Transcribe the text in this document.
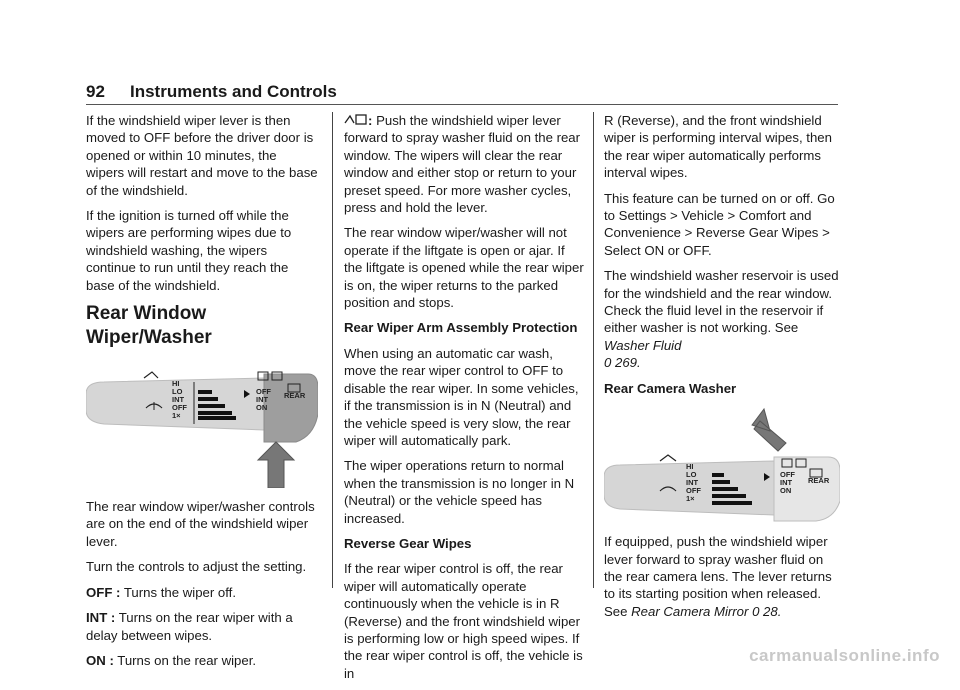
92 Instruments and Controls

If the windshield wiper lever is then moved to OFF before the driver door is opened or within 10 minutes, the wipers will restart and move to the base of the windshield.

If the ignition is turned off while the wipers are performing wipes due to windshield washing, the wipers continue to run until they reach the base of the windshield.

Rear Window Wiper/Washer
HI
LO
INT
OFF
1×
OFF
INT
ON
REAR

The rear window wiper/washer controls are on the end of the windshield wiper lever.

Turn the controls to adjust the setting.

OFF : Turns the wiper off.

INT : Turns on the rear wiper with a delay between wipes.

ON : Turns on the rear wiper.

: Push the windshield wiper lever forward to spray washer fluid on the rear window. The wipers will clear the rear window and either stop or return to your preset speed. For more washer cycles, press and hold the lever.

The rear window wiper/washer will not operate if the liftgate is open or ajar. If the liftgate is opened while the rear wiper is on, the wiper returns to the parked position and stops.

Rear Wiper Arm Assembly Protection

When using an automatic car wash, move the rear wiper control to OFF to disable the rear wiper. In some vehicles, if the transmission is in N (Neutral) and the vehicle speed is very slow, the rear wiper will automatically park.

The wiper operations return to normal when the transmission is no longer in N (Neutral) or the vehicle speed has increased.

Reverse Gear Wipes

If the rear wiper control is off, the rear wiper will automatically operate continuously when the vehicle is in R (Reverse) and the front windshield wiper is performing low or high speed wipes. If the rear wiper control is off, the vehicle is in

R (Reverse), and the front windshield wiper is performing interval wipes, then the rear wiper automatically performs interval wipes.

This feature can be turned on or off. Go to Settings > Vehicle > Comfort and Convenience > Reverse Gear Wipes > Select ON or OFF.

The windshield washer reservoir is used for the windshield and the rear window. Check the fluid level in the reservoir if either washer is not working. See Washer Fluid
0 269.

Rear Camera Washer

HI
LO
INT
OFF
1×
OFF
INT
ON
REAR

If equipped, push the windshield wiper lever forward to spray washer fluid on the rear camera lens. The lever returns to its starting position when released. See Rear Camera Mirror 0 28.

carmanualsonline.info
